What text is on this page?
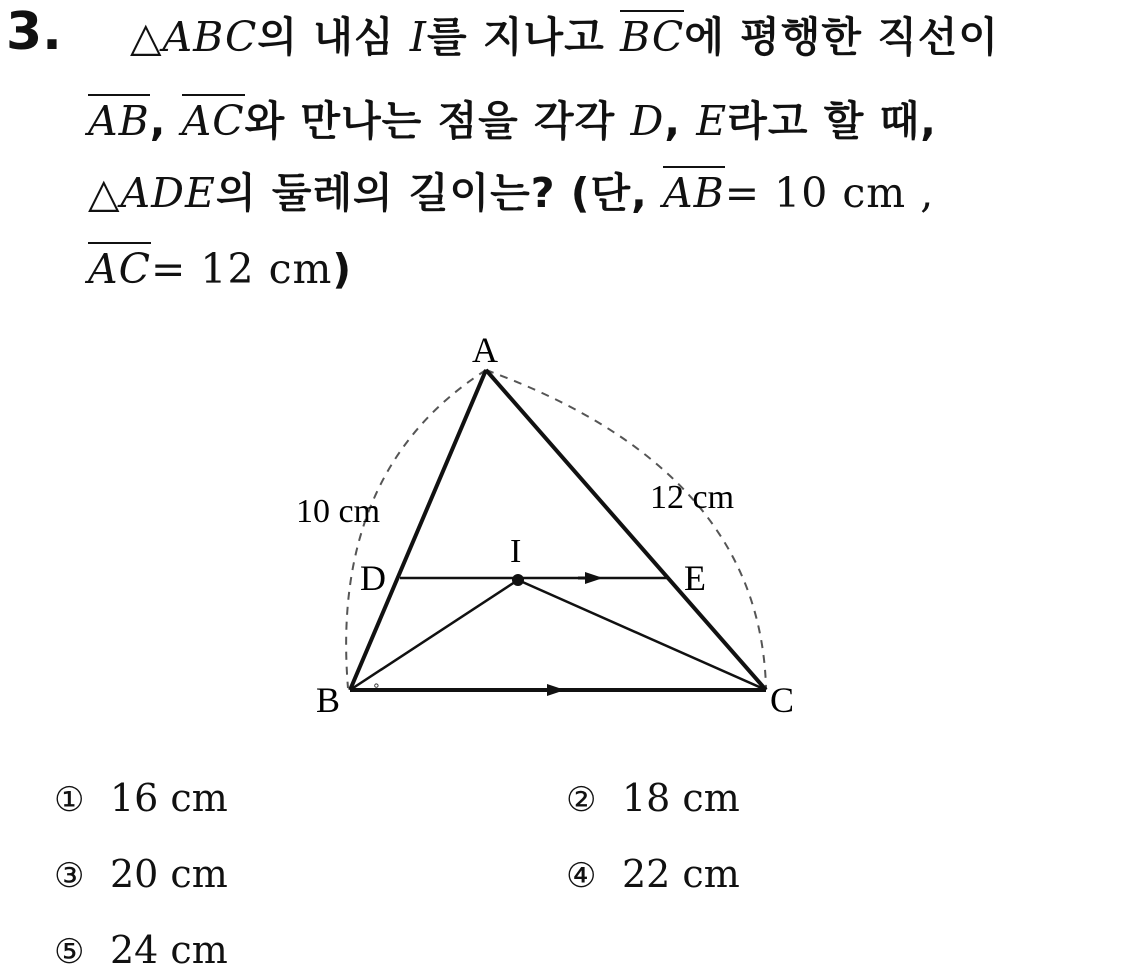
3. △ABC의 내심 I를 지나고 BC에 평행한 직선이
AB, AC와 만나는 점을 각각 D, E라고 할 때,
△ADE의 둘레의 길이는? (단, AB= 10 cm ,
AC= 12 cm)
∘
A
B	C
D	E
I
10 cm	12 cm
① 16 cm	② 18 cm
③ 20 cm	④ 22 cm
⑤ 24 cm
